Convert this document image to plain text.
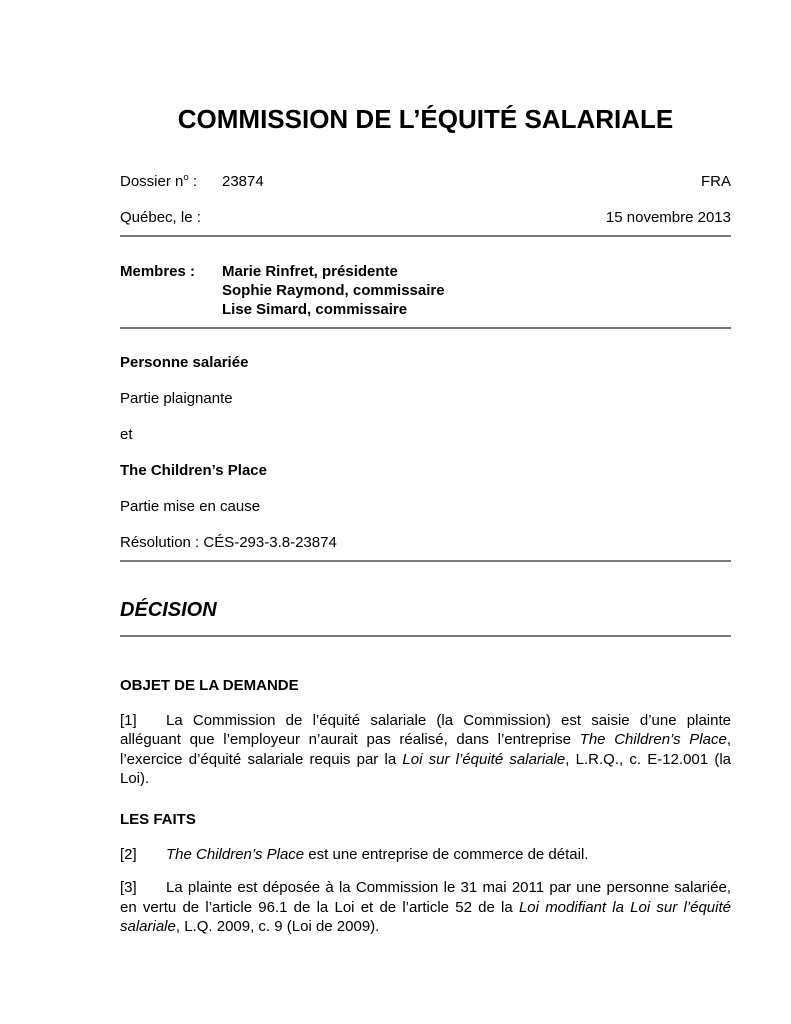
COMMISSION DE L’ÉQUITÉ SALARIALE
Dossier $n^o$ :	23874	FRA
Québec, le :	15 novembre 2013
Membres :	Marie Rinfret, présidente
Sophie Raymond, commissaire
Lise Simard, commissaire
Personne salariée
Partie plaignante
et
The Children’s Place
Partie mise en cause
Résolution : CÉS-293-3.8-23874
DÉCISION
OBJET DE LA DEMANDE

[1] La Commission de l’équité salariale (la Commission) est saisie d’une plainte alléguant que l’employeur n’aurait pas réalisé, dans l’entreprise The Children’s Place, l’exercice d’équité salariale requis par la Loi sur l’équité salariale, L.R.Q., c. E-12.001 (la Loi).

LES FAITS

[2] The Children’s Place est une entreprise de commerce de détail.

[3] La plainte est déposée à la Commission le 31 mai 2011 par une personne salariée, en vertu de l’article 96.1 de la Loi et de l’article 52 de la Loi modifiant la Loi sur l’équité salariale, L.Q. 2009, c. 9 (Loi de 2009).
